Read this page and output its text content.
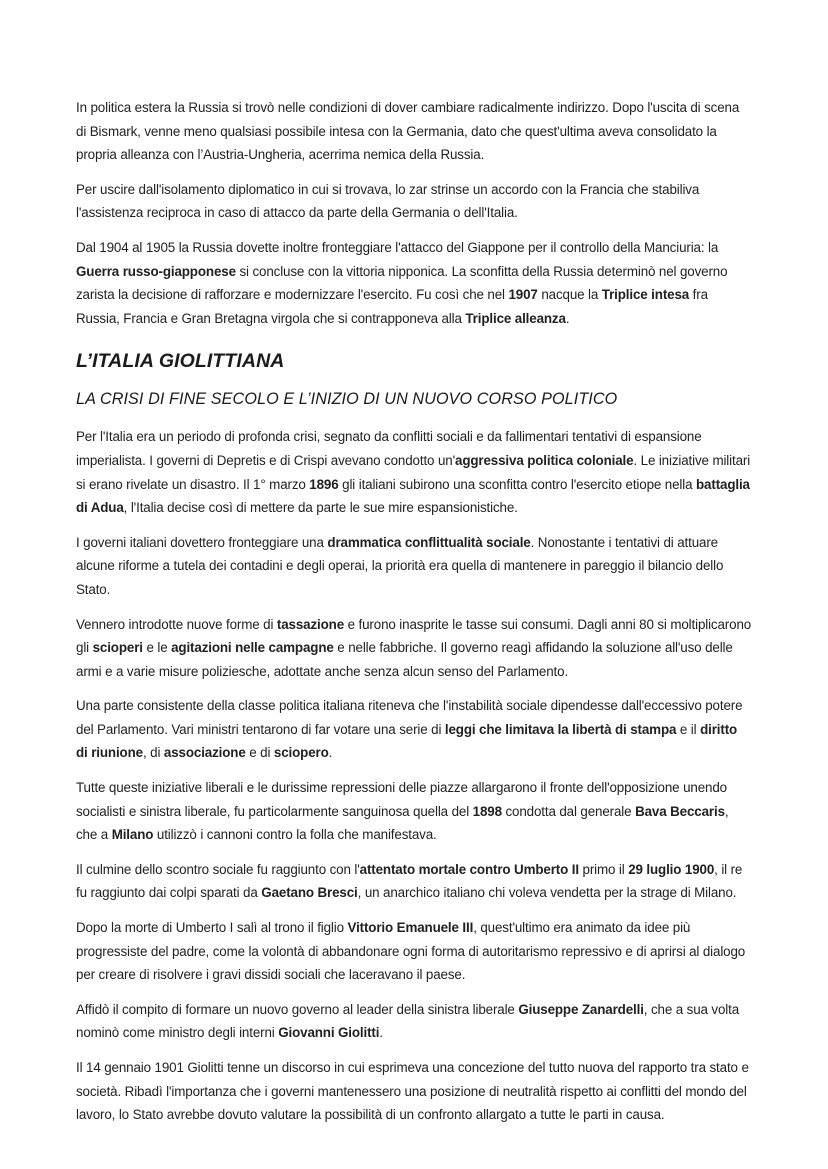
In politica estera la Russia si trovò nelle condizioni di dover cambiare radicalmente indirizzo. Dopo l'uscita di scena di Bismark, venne meno qualsiasi possibile intesa con la Germania, dato che quest'ultima aveva consolidato la propria alleanza con l’Austria-Ungheria, acerrima nemica della Russia.

Per uscire dall'isolamento diplomatico in cui si trovava, lo zar strinse un accordo con la Francia che stabiliva l'assistenza reciproca in caso di attacco da parte della Germania o dell'Italia.

Dal 1904 al 1905 la Russia dovette inoltre fronteggiare l'attacco del Giappone per il controllo della Manciuria: la Guerra russo-giapponese si concluse con la vittoria nipponica. La sconfitta della Russia determinò nel governo zarista la decisione di rafforzare e modernizzare l'esercito. Fu così che nel 1907 nacque la Triplice intesa fra Russia, Francia e Gran Bretagna virgola che si contrapponeva alla Triplice alleanza.

L’ITALIA GIOLITTIANA
LA CRISI DI FINE SECOLO E L’INIZIO DI UN NUOVO CORSO POLITICO

Per l'Italia era un periodo di profonda crisi, segnato da conflitti sociali e da fallimentari tentativi di espansione imperialista. I governi di Depretis e di Crispi avevano condotto un'aggressiva politica coloniale. Le iniziative militari si erano rivelate un disastro. Il 1° marzo 1896 gli italiani subirono una sconfitta contro l'esercito etiope nella battaglia di Adua, l'Italia decise così di mettere da parte le sue mire espansionistiche.

I governi italiani dovettero fronteggiare una drammatica conflittualità sociale. Nonostante i tentativi di attuare alcune riforme a tutela dei contadini e degli operai, la priorità era quella di mantenere in pareggio il bilancio dello Stato.

Vennero introdotte nuove forme di tassazione e furono inasprite le tasse sui consumi. Dagli anni 80 si moltiplicarono gli scioperi e le agitazioni nelle campagne e nelle fabbriche. Il governo reagì affidando la soluzione all'uso delle armi e a varie misure poliziesche, adottate anche senza alcun senso del Parlamento.

Una parte consistente della classe politica italiana riteneva che l'instabilità sociale dipendesse dall'eccessivo potere del Parlamento. Vari ministri tentarono di far votare una serie di leggi che limitava la libertà di stampa e il diritto di riunione, di associazione e di sciopero.

Tutte queste iniziative liberali e le durissime repressioni delle piazze allargarono il fronte dell'opposizione unendo socialisti e sinistra liberale, fu particolarmente sanguinosa quella del 1898 condotta dal generale Bava Beccaris, che a Milano utilizzò i cannoni contro la folla che manifestava.

Il culmine dello scontro sociale fu raggiunto con l'attentato mortale contro Umberto II primo il 29 luglio 1900, il re fu raggiunto dai colpi sparati da Gaetano Bresci, un anarchico italiano chi voleva vendetta per la strage di Milano.

Dopo la morte di Umberto I salì al trono il figlio Vittorio Emanuele III, quest'ultimo era animato da idee più progressiste del padre, come la volontà di abbandonare ogni forma di autoritarismo repressivo e di aprirsi al dialogo per creare di risolvere i gravi dissidi sociali che laceravano il paese.

Affidò il compito di formare un nuovo governo al leader della sinistra liberale Giuseppe Zanardelli, che a sua volta nominò come ministro degli interni Giovanni Giolitti.

Il 14 gennaio 1901 Giolitti tenne un discorso in cui esprimeva una concezione del tutto nuova del rapporto tra stato e società. Ribadì l'importanza che i governi mantenessero una posizione di neutralità rispetto ai conflitti del mondo del lavoro, lo Stato avrebbe dovuto valutare la possibilità di un confronto allargato a tutte le parti in causa.
